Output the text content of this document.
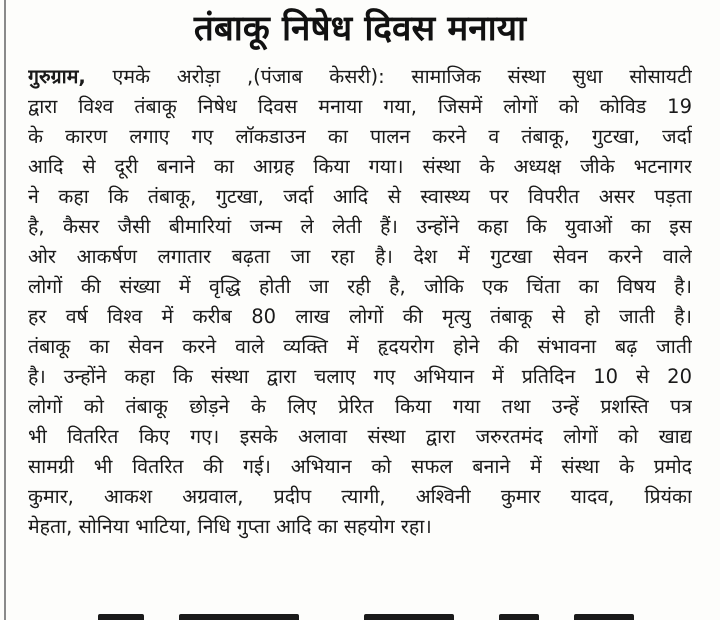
तंबाकू निषेध दिवस मनाया
गुरुग्राम, एमके अरोड़ा ,(पंजाब केसरी): सामाजिक संस्था सुधा सोसायटी
द्वारा विश्व तंबाकू निषेध दिवस मनाया गया, जिसमें लोगों को कोविड 19
के कारण लगाए गए लॉकडाउन का पालन करने व तंबाकू, गुटखा, जर्दा
आदि से दूरी बनाने का आग्रह किया गया। संस्था के अध्यक्ष जीके भटनागर
ने कहा कि तंबाकू, गुटखा, जर्दा आदि से स्वास्थ्य पर विपरीत असर पड़ता
है, कैसर जैसी बीमारियां जन्म ले लेती हैं। उन्होंने कहा कि युवाओं का इस
ओर आकर्षण लगातार बढ़ता जा रहा है। देश में गुटखा सेवन करने वाले
लोगों की संख्या में वृद्धि होती जा रही है, जोकि एक चिंता का विषय है।
हर वर्ष विश्व में करीब 80 लाख लोगों की मृत्यु तंबाकू से हो जाती है।
तंबाकू का सेवन करने वाले व्यक्ति में हृदयरोग होने की संभावना बढ़ जाती
है। उन्होंने कहा कि संस्था द्वारा चलाए गए अभियान में प्रतिदिन 10 से 20
लोगों को तंबाकू छोड़ने के लिए प्रेरित किया गया तथा उन्हें प्रशस्ति पत्र
भी वितरित किए गए। इसके अलावा संस्था द्वारा जरुरतमंद लोगों को खाद्य
सामग्री भी वितरित की गई। अभियान को सफल बनाने में संस्था के प्रमोद
कुमार, आकश अग्रवाल, प्रदीप त्यागी, अश्विनी कुमार यादव, प्रियंका
मेहता, सोनिया भाटिया, निधि गुप्ता आदि का सहयोग रहा।
